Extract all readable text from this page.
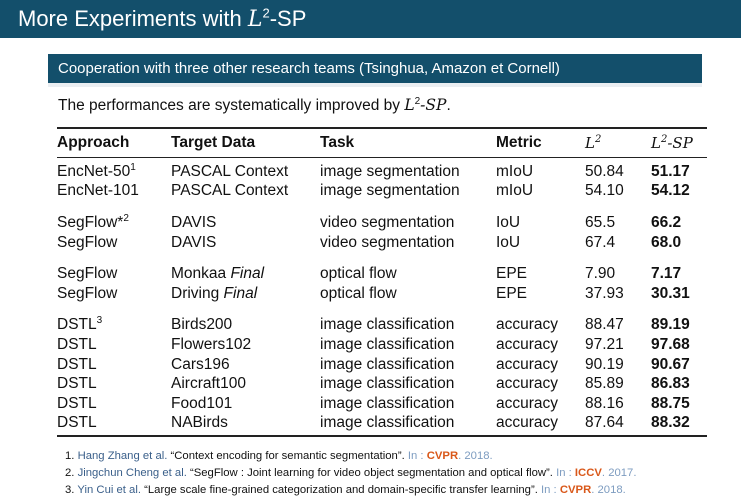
More Experiments with $L^2-SP$
Cooperation with three other research teams (Tsinghua, Amazon et Cornell)
The performances are systematically improved by $L^2-SP$.
Approach	Target Data	Task	Metric	$L^2$	$L^2-SP$
EncNet-$50^1$	PASCAL Context	image segmentation	mIoU	50.84	51.17
EncNet-101	PASCAL Context	image segmentation	mIoU	54.10	54.12
SegFlow*$^2$	DAVIS	video segmentation	IoU	65.5	66.2
SegFlow	DAVIS	video segmentation	IoU	67.4	68.0
SegFlow	Monkaa Final	optical flow	EPE	7.90	7.17
SegFlow	Driving Final	optical flow	EPE	37.93	30.31
DSTL$^3$	Birds200	image classification	accuracy	88.47	89.19
DSTL	Flowers102	image classification	accuracy	97.21	97.68
DSTL	Cars196	image classification	accuracy	90.19	90.67
DSTL	Aircraft100	image classification	accuracy	85.89	86.83
DSTL	Food101	image classification	accuracy	88.16	88.75
DSTL	NABirds	image classification	accuracy	87.64	88.32
1. Hang Zhang et al. “Context encoding for semantic segmentation”. In : CVPR. 2018.
2. Jingchun Cheng et al. “SegFlow : Joint learning for video object segmentation and optical flow”. In : ICCV. 2017.
3. Yin Cui et al. “Large scale fine-grained categorization and domain-specific transfer learning”. In : CVPR. 2018.
